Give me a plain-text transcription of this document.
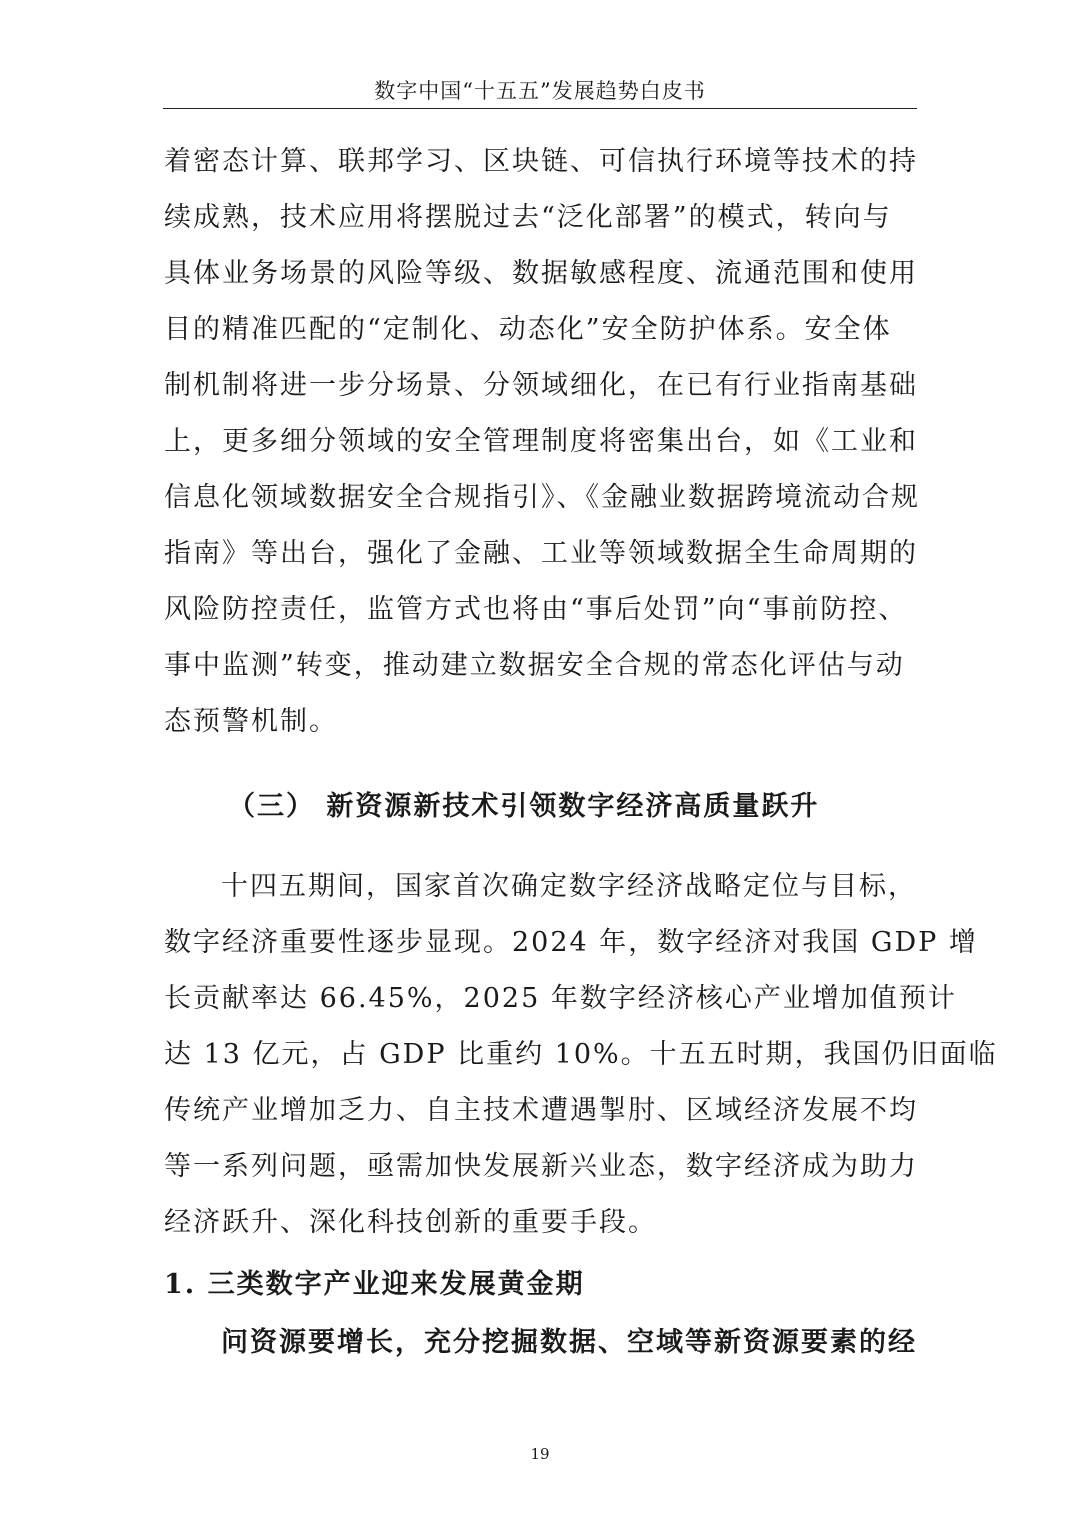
数字中国“十五五”发展趋势白皮书
着密态计算、联邦学习、区块链、可信执行环境等技术的持
续成熟，技术应用将摆脱过去“泛化部署”的模式，转向与
具体业务场景的风险等级、数据敏感程度、流通范围和使用
目的精准匹配的“定制化、动态化”安全防护体系。安全体
制机制将进一步分场景、分领域细化，在已有行业指南基础
上，更多细分领域的安全管理制度将密集出台，如《工业和
信息化领域数据安全合规指引》、《金融业数据跨境流动合规
指南》等出台，强化了金融、工业等领域数据全生命周期的
风险防控责任，监管方式也将由“事后处罚”向“事前防控、
事中监测”转变，推动建立数据安全合规的常态化评估与动
态预警机制。
（三） 新资源新技术引领数字经济高质量跃升
十四五期间，国家首次确定数字经济战略定位与目标，
数字经济重要性逐步显现。2024 年，数字经济对我国 GDP 增
长贡献率达 66.45%，2025 年数字经济核心产业增加值预计
达 13 亿元，占 GDP 比重约 10%。十五五时期，我国仍旧面临
传统产业增加乏力、自主技术遭遇掣肘、区域经济发展不均
等一系列问题，亟需加快发展新兴业态，数字经济成为助力
经济跃升、深化科技创新的重要手段。
1. 三类数字产业迎来发展黄金期
问资源要增长，充分挖掘数据、空域等新资源要素的经
19
